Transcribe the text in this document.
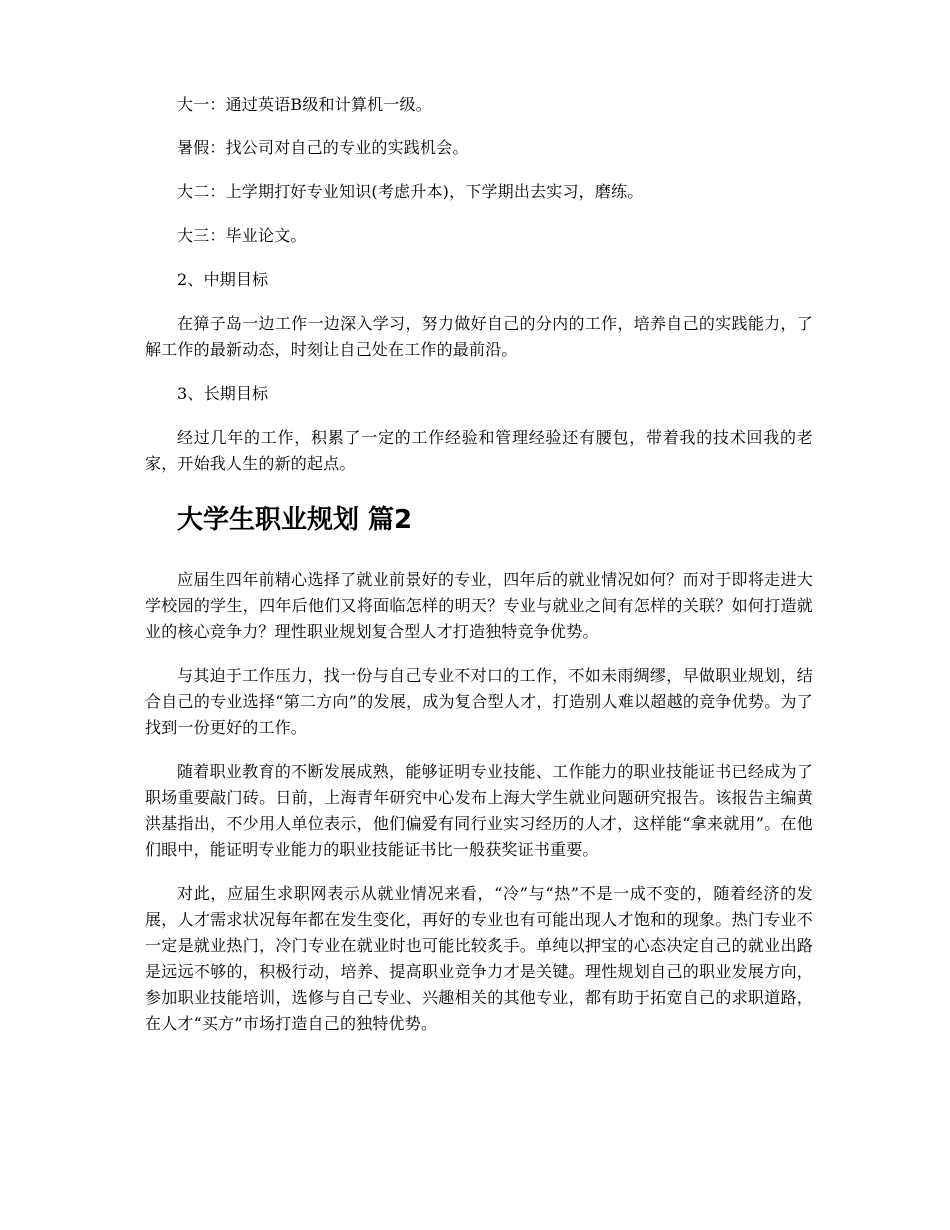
大一：通过英语B级和计算机一级。

暑假：找公司对自己的专业的实践机会。

大二：上学期打好专业知识(考虑升本)，下学期出去实习，磨练。

大三：毕业论文。

2、中期目标

在獐子岛一边工作一边深入学习，努力做好自己的分内的工作，培养自己的实践能力，了解工作的最新动态，时刻让自己处在工作的最前沿。

3、长期目标

经过几年的工作，积累了一定的工作经验和管理经验还有腰包，带着我的技术回我的老家，开始我人生的新的起点。

大学生职业规划 篇2

应届生四年前精心选择了就业前景好的专业，四年后的就业情况如何？而对于即将走进大学校园的学生，四年后他们又将面临怎样的明天？专业与就业之间有怎样的关联？如何打造就业的核心竞争力？理性职业规划复合型人才打造独特竞争优势。

与其迫于工作压力，找一份与自己专业不对口的工作，不如未雨绸缪，早做职业规划，结合自己的专业选择“第二方向”的发展，成为复合型人才，打造别人难以超越的竞争优势。为了找到一份更好的工作。

随着职业教育的不断发展成熟，能够证明专业技能、工作能力的职业技能证书已经成为了职场重要敲门砖。日前，上海青年研究中心发布上海大学生就业问题研究报告。该报告主编黄洪基指出，不少用人单位表示，他们偏爱有同行业实习经历的人才，这样能“拿来就用”。在他们眼中，能证明专业能力的职业技能证书比一般获奖证书重要。

对此，应届生求职网表示从就业情况来看，“冷”与“热”不是一成不变的，随着经济的发展，人才需求状况每年都在发生变化，再好的专业也有可能出现人才饱和的现象。热门专业不一定是就业热门，冷门专业在就业时也可能比较炙手。单纯以押宝的心态决定自己的就业出路是远远不够的，积极行动，培养、提高职业竞争力才是关键。理性规划自己的职业发展方向，参加职业技能培训，选修与自己专业、兴趣相关的其他专业，都有助于拓宽自己的求职道路，在人才“买方”市场打造自己的独特优势。
